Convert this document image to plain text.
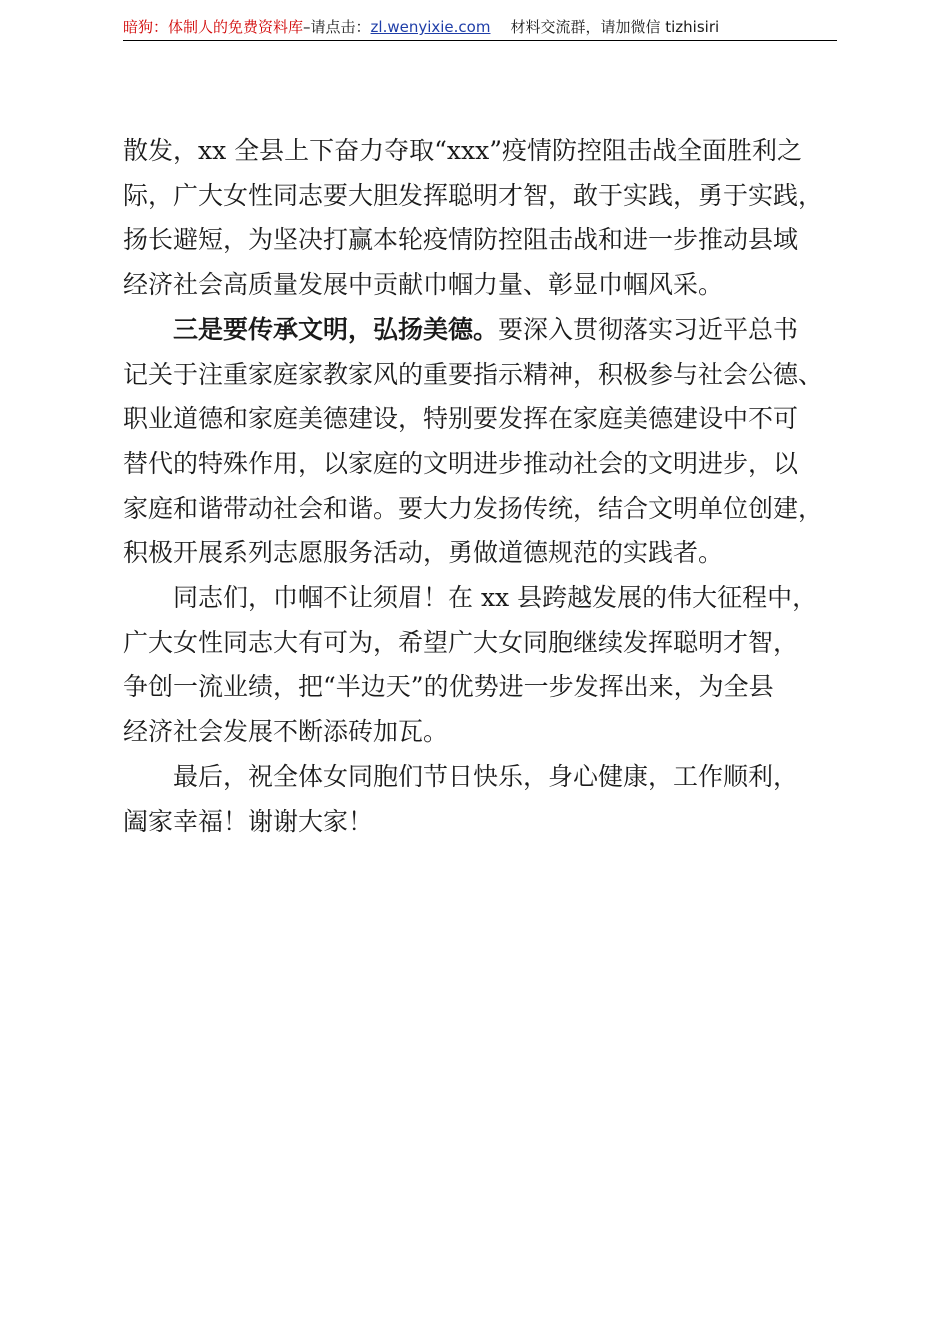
暗狗：体制人的免费资料库–请点击：zl.wenyixie.com 材料交流群，请加微信 tizhisiri
散发，xx 全县上下奋力夺取“xxx”疫情防控阻击战全面胜利之
际，广大女性同志要大胆发挥聪明才智，敢于实践，勇于实践，
扬长避短，为坚决打赢本轮疫情防控阻击战和进一步推动县域
经济社会高质量发展中贡献巾帼力量、彰显巾帼风采。
三是要传承文明，弘扬美德。要深入贯彻落实习近平总书
记关于注重家庭家教家风的重要指示精神，积极参与社会公德、
职业道德和家庭美德建设，特别要发挥在家庭美德建设中不可
替代的特殊作用，以家庭的文明进步推动社会的文明进步，以
家庭和谐带动社会和谐。要大力发扬传统，结合文明单位创建，
积极开展系列志愿服务活动，勇做道德规范的实践者。
同志们，巾帼不让须眉！在 xx 县跨越发展的伟大征程中，
广大女性同志大有可为，希望广大女同胞继续发挥聪明才智，
争创一流业绩，把“半边天”的优势进一步发挥出来，为全县
经济社会发展不断添砖加瓦。
最后，祝全体女同胞们节日快乐，身心健康，工作顺利，
阖家幸福！谢谢大家！
